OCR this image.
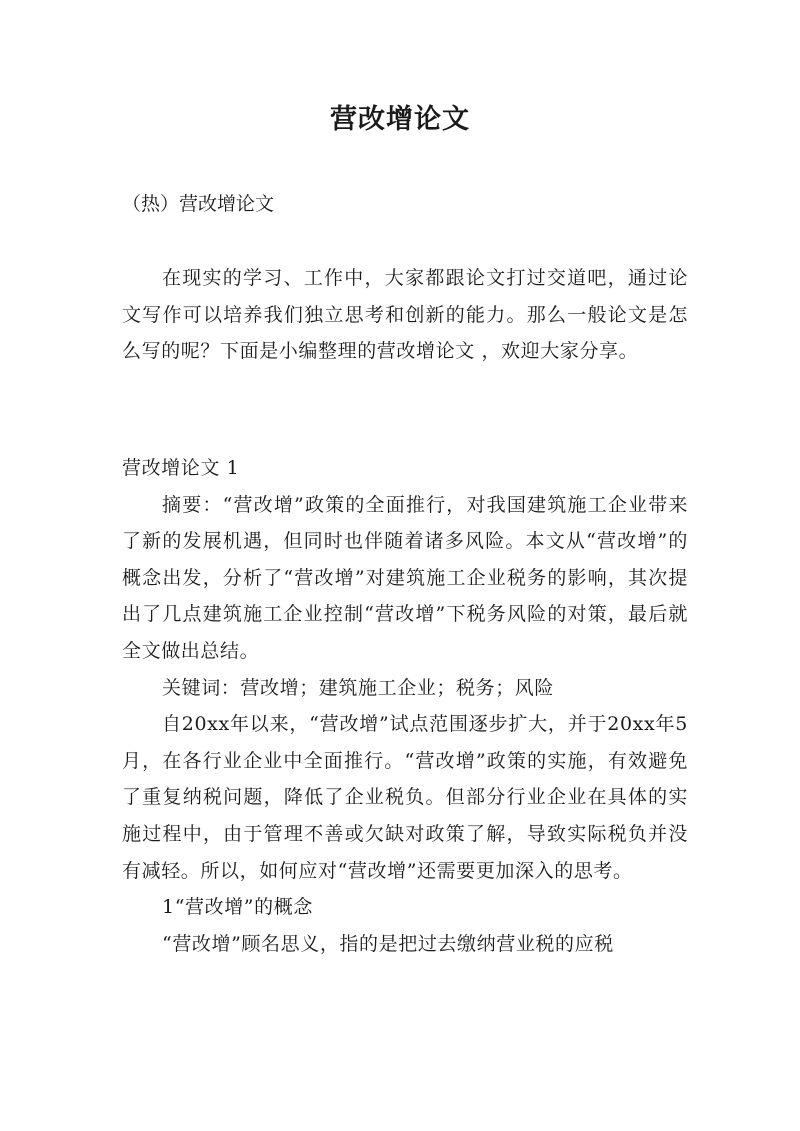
营改增论文
（热）营改增论文

在现实的学习、工作中，大家都跟论文打过交道吧，通过论文写作可以培养我们独立思考和创新的能力。那么一般论文是怎么写的呢？下面是小编整理的营改增论文 ，欢迎大家分享。

营改增论文 1

摘要：“营改增”政策的全面推行，对我国建筑施工企业带来了新的发展机遇，但同时也伴随着诸多风险。本文从“营改增”的概念出发，分析了“营改增”对建筑施工企业税务的影响，其次提出了几点建筑施工企业控制“营改增”下税务风险的对策，最后就全文做出总结。

关键词：营改增；建筑施工企业；税务；风险

自20xx年以来，“营改增”试点范围逐步扩大，并于20xx年5月，在各行业企业中全面推行。“营改增”政策的实施，有效避免了重复纳税问题，降低了企业税负。但部分行业企业在具体的实施过程中，由于管理不善或欠缺对政策了解，导致实际税负并没有减轻。所以，如何应对“营改增”还需要更加深入的思考。

1“营改增”的概念

“营改增”顾名思义，指的是把过去缴纳营业税的应税
